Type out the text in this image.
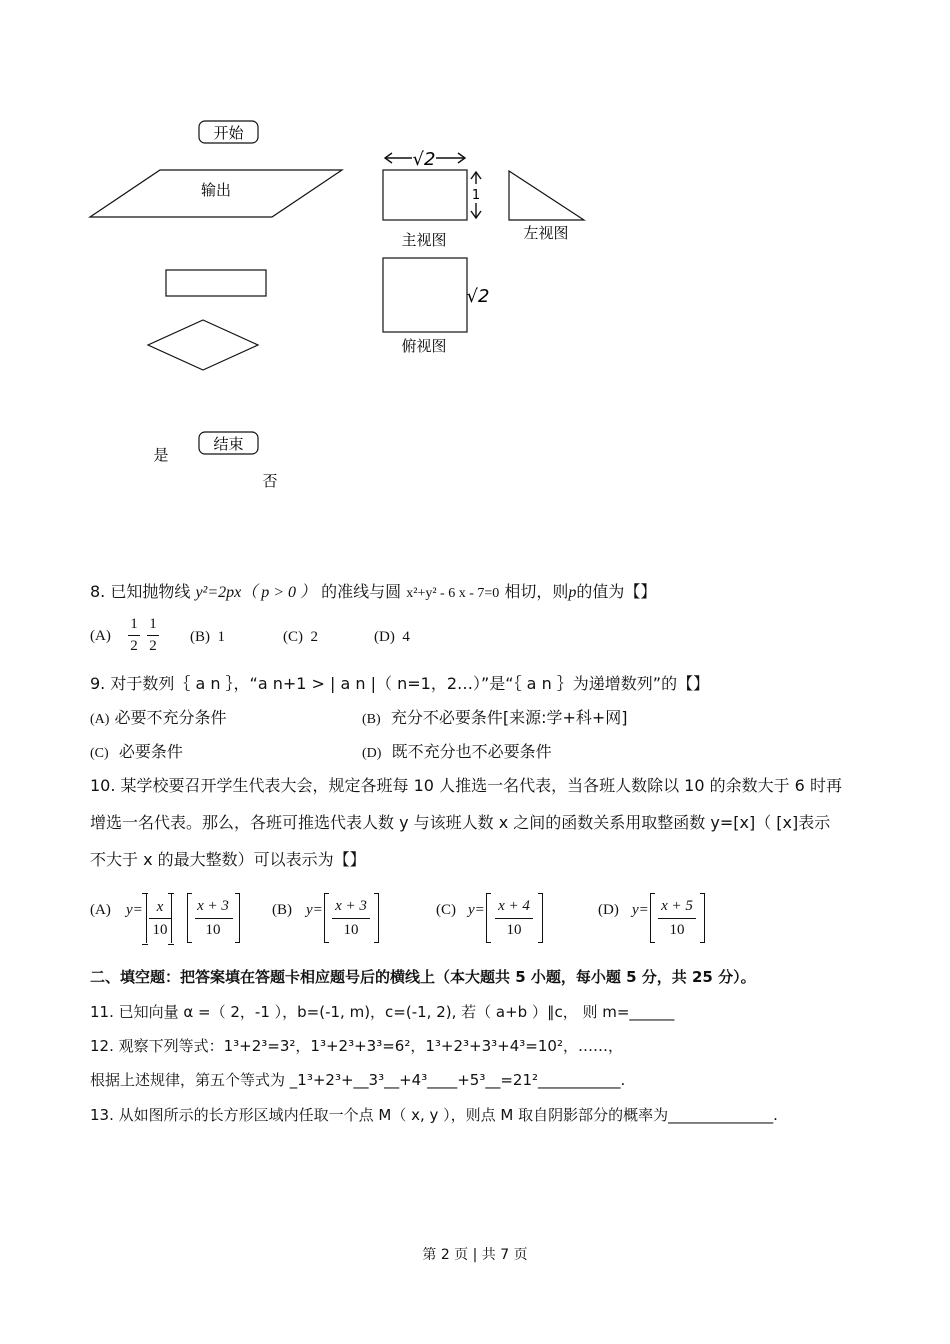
开始
输出
结束
是
否
√2
1
主视图	左视图
√2
俯视图
8. 已知抛物线 y²=2px（ p > 0 ） 的准线与圆 x²+y² - 6 x - 7=0 相切，则p的值为【】
(A)
1

2
1

2
(B) 1	(C) 2	(D) 4
9. 对于数列｛ a n ｝，“a n+1 > | a n |（ n=1，2…）”是“｛ a n ｝为递增数列”的【】
(A) 必要不充分条件	(B) 充分不必要条件[来源:学+科+网]
(C) 必要条件	(D) 既不充分也不必要条件
10. 某学校要召开学生代表大会，规定各班每 10 人推选一名代表，当各班人数除以 10 的余数大于 6 时再
增选一名代表。那么，各班可推选代表人数 y 与该班人数 x 之间的函数关系用取整函数 y=[x]（ [x]表示
不大于 x 的最大整数）可以表示为【】
(A) y= x
10
x + 3
10
(B) y= x + 3
10
(C) y= x + 4
10
(D) y= x + 5
10
二、填空题：把答案填在答题卡相应题号后的横线上（本大题共 5 小题，每小题 5 分，共 25 分）。
11. 已知向量 α =（ 2，-1 ），b=(-1, m)，c=(-1, 2), 若（ a+b ）∥c， 则 m=______
12. 观察下列等式：1³+2³=3²，1³+2³+3³=6²，1³+2³+3³+4³=10²，……，
根据上述规律，第五个等式为 _1³+2³+__3³__+4³____+5³__=21²___________.
13. 从如图所示的长方形区域内任取一个点 M（ x, y ），则点 M 取自阴影部分的概率为______________.
第 2 页 | 共 7 页
